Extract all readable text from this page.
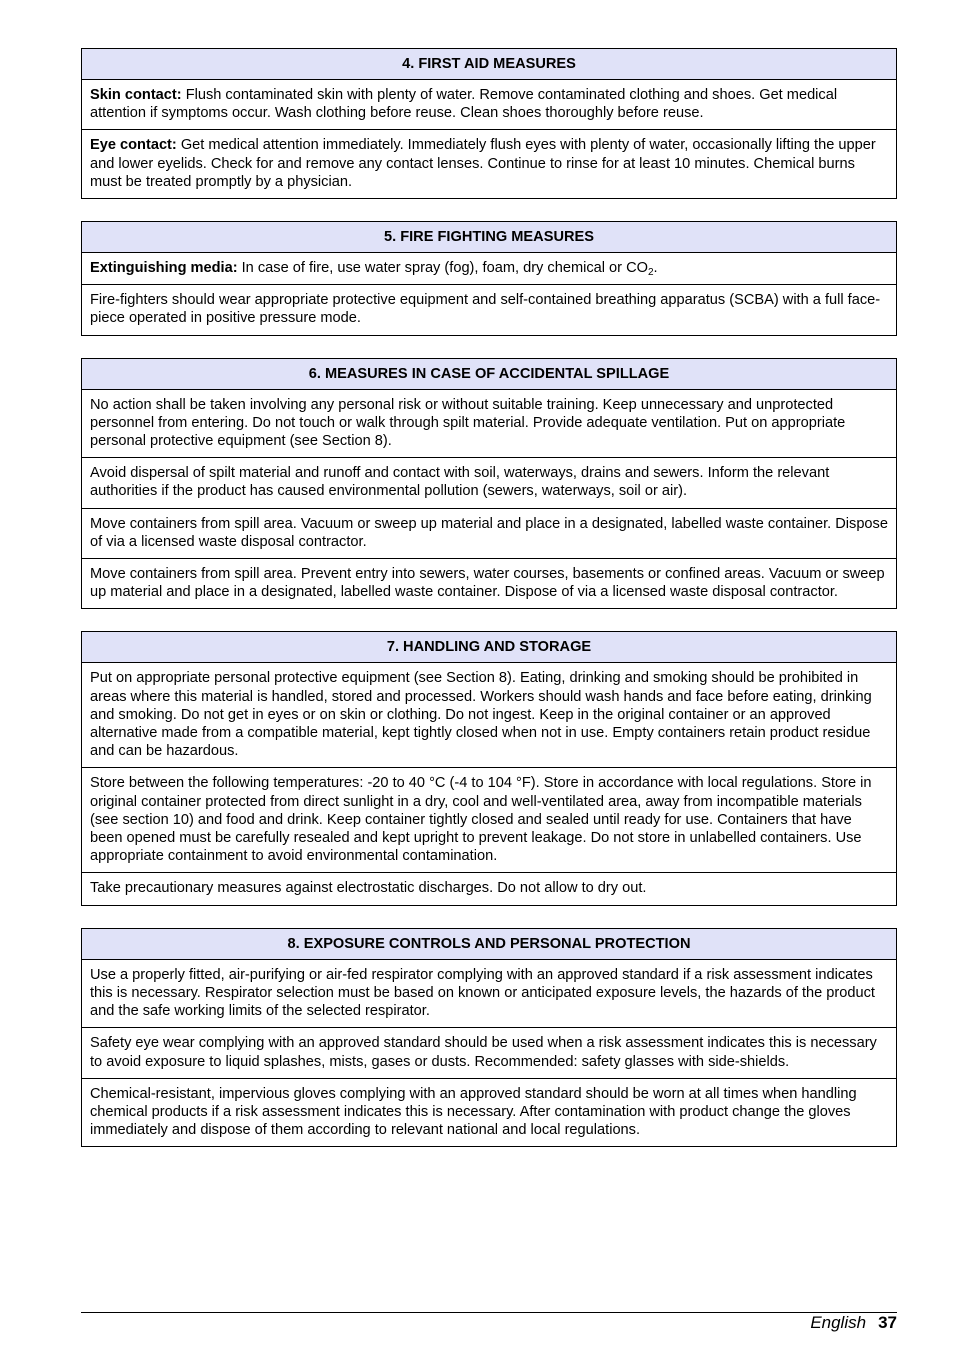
4. FIRST AID MEASURES
Skin contact: Flush contaminated skin with plenty of water. Remove contaminated clothing and shoes. Get medical attention if symptoms occur. Wash clothing before reuse. Clean shoes thoroughly before reuse.
Eye contact: Get medical attention immediately. Immediately flush eyes with plenty of water, occasionally lifting the upper and lower eyelids. Check for and remove any contact lenses. Continue to rinse for at least 10 minutes. Chemical burns must be treated promptly by a physician.
5. FIRE FIGHTING MEASURES
Extinguishing media: In case of fire, use water spray (fog), foam, dry chemical or $CO_2$.
Fire-fighters should wear appropriate protective equipment and self-contained breathing apparatus (SCBA) with a full face-piece operated in positive pressure mode.
6. MEASURES IN CASE OF ACCIDENTAL SPILLAGE
No action shall be taken involving any personal risk or without suitable training. Keep unnecessary and unprotected personnel from entering. Do not touch or walk through spilt material. Provide adequate ventilation. Put on appropriate personal protective equipment (see Section 8).
Avoid dispersal of spilt material and runoff and contact with soil, waterways, drains and sewers. Inform the relevant authorities if the product has caused environmental pollution (sewers, waterways, soil or air).
Move containers from spill area. Vacuum or sweep up material and place in a designated, labelled waste container. Dispose of via a licensed waste disposal contractor.
Move containers from spill area. Prevent entry into sewers, water courses, basements or confined areas. Vacuum or sweep up material and place in a designated, labelled waste container. Dispose of via a licensed waste disposal contractor.
7. HANDLING AND STORAGE
Put on appropriate personal protective equipment (see Section 8). Eating, drinking and smoking should be prohibited in areas where this material is handled, stored and processed. Workers should wash hands and face before eating, drinking and smoking. Do not get in eyes or on skin or clothing. Do not ingest. Keep in the original container or an approved alternative made from a compatible material, kept tightly closed when not in use. Empty containers retain product residue and can be hazardous.
Store between the following temperatures: -20 to 40 °C (-4 to 104 °F). Store in accordance with local regulations. Store in original container protected from direct sunlight in a dry, cool and well-ventilated area, away from incompatible materials (see section 10) and food and drink. Keep container tightly closed and sealed until ready for use. Containers that have been opened must be carefully resealed and kept upright to prevent leakage. Do not store in unlabelled containers. Use appropriate containment to avoid environmental contamination.
Take precautionary measures against electrostatic discharges. Do not allow to dry out.
8. EXPOSURE CONTROLS AND PERSONAL PROTECTION
Use a properly fitted, air-purifying or air-fed respirator complying with an approved standard if a risk assessment indicates this is necessary. Respirator selection must be based on known or anticipated exposure levels, the hazards of the product and the safe working limits of the selected respirator.
Safety eye wear complying with an approved standard should be used when a risk assessment indicates this is necessary to avoid exposure to liquid splashes, mists, gases or dusts. Recommended: safety glasses with side-shields.
Chemical-resistant, impervious gloves complying with an approved standard should be worn at all times when handling chemical products if a risk assessment indicates this is necessary. After contamination with product change the gloves immediately and dispose of them according to relevant national and local regulations.
English 37
